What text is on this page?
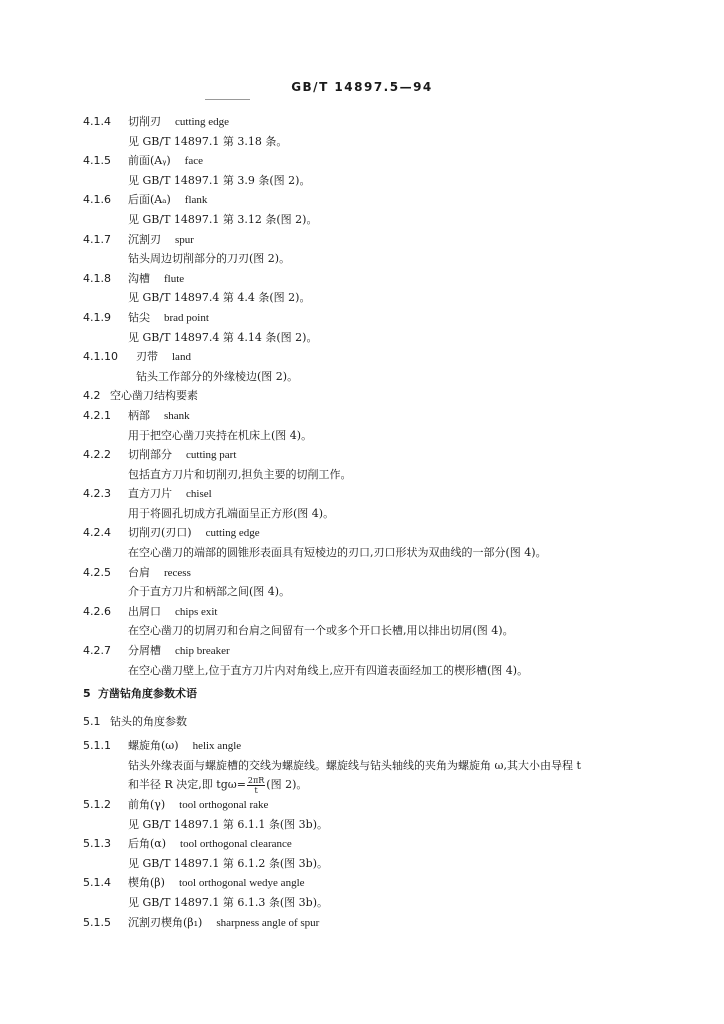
GB/T 14897.5—94
4.1.4 切削刃 cutting edge
见 GB/T 14897.1 第 3.18 条。
4.1.5 前面(Aᵧ) face
见 GB/T 14897.1 第 3.9 条(图 2)。
4.1.6 后面(Aₐ) flank
见 GB/T 14897.1 第 3.12 条(图 2)。
4.1.7 沉割刃 spur
钻头周边切削部分的刀刃(图 2)。
4.1.8 沟槽 flute
见 GB/T 14897.4 第 4.4 条(图 2)。
4.1.9 钻尖 brad point
见 GB/T 14897.4 第 4.14 条(图 2)。
4.1.10 刃带 land
钻头工作部分的外缘棱边(图 2)。
4.2 空心凿刀结构要素
4.2.1 柄部 shank
用于把空心凿刀夹持在机床上(图 4)。
4.2.2 切削部分 cutting part
包括直方刀片和切削刃,担负主要的切削工作。
4.2.3 直方刀片 chisel
用于将圆孔切成方孔端面呈正方形(图 4)。
4.2.4 切削刃(刃口) cutting edge
在空心凿刀的端部的圆锥形表面具有短棱边的刃口,刃口形状为双曲线的一部分(图 4)。
4.2.5 台肩 recess
介于直方刀片和柄部之间(图 4)。
4.2.6 出屑口 chips exit
在空心凿刀的切屑刃和台肩之间留有一个或多个开口长槽,用以排出切屑(图 4)。
4.2.7 分屑槽 chip breaker
在空心凿刀壁上,位于直方刀片内对角线上,应开有四道表面经加工的楔形槽(图 4)。
5 方凿钻角度参数术语
5.1 钻头的角度参数
5.1.1 螺旋角(ω) helix angle
钻头外缘表面与螺旋槽的交线为螺旋线。螺旋线与钻头轴线的夹角为螺旋角 ω,其大小由导程 t
和半径 R 决定,即 $tg\omega= \frac{2\pi R}{t}$ (图 2)。
5.1.2 前角(γ) tool orthogonal rake
见 GB/T 14897.1 第 6.1.1 条(图 3b)。
5.1.3 后角(α) tool orthogonal clearance
见 GB/T 14897.1 第 6.1.2 条(图 3b)。
5.1.4 楔角(β) tool orthogonal wedye angle
见 GB/T 14897.1 第 6.1.3 条(图 3b)。
5.1.5 沉割刃楔角(β₁) sharpness angle of spur
